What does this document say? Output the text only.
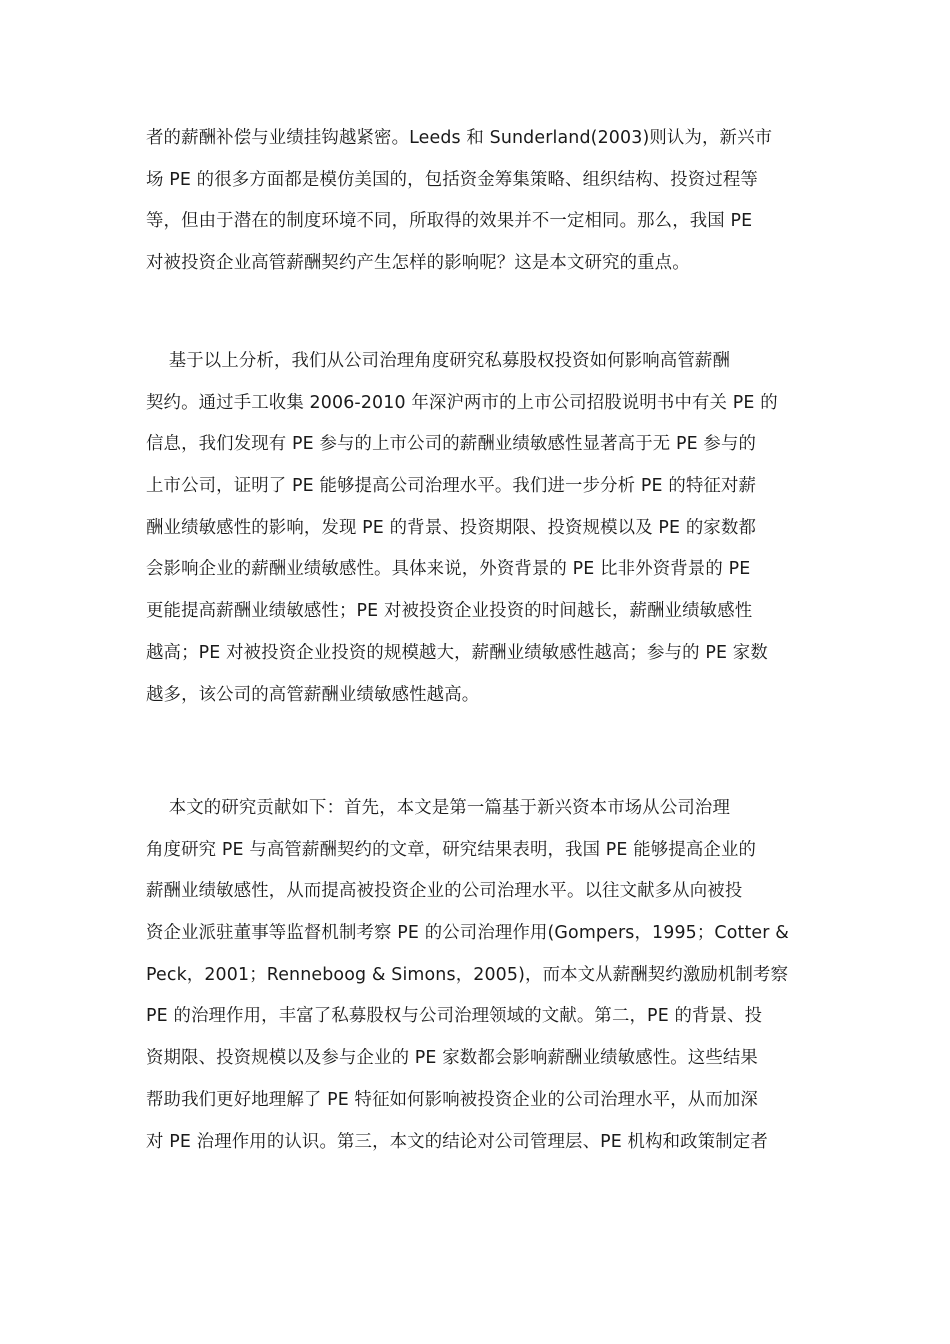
者的薪酬补偿与业绩挂钩越紧密。Leeds 和 Sunderland(2003)则认为，新兴市
场 PE 的很多方面都是模仿美国的，包括资金筹集策略、组织结构、投资过程等
等，但由于潜在的制度环境不同，所取得的效果并不一定相同。那么，我国 PE
对被投资企业高管薪酬契约产生怎样的影响呢？这是本文研究的重点。
基于以上分析，我们从公司治理角度研究私募股权投资如何影响高管薪酬
契约。通过手工收集 2006-2010 年深沪两市的上市公司招股说明书中有关 PE 的
信息，我们发现有 PE 参与的上市公司的薪酬业绩敏感性显著高于无 PE 参与的
上市公司，证明了 PE 能够提高公司治理水平。我们进一步分析 PE 的特征对薪
酬业绩敏感性的影响，发现 PE 的背景、投资期限、投资规模以及 PE 的家数都
会影响企业的薪酬业绩敏感性。具体来说，外资背景的 PE 比非外资背景的 PE
更能提高薪酬业绩敏感性；PE 对被投资企业投资的时间越长，薪酬业绩敏感性
越高；PE 对被投资企业投资的规模越大，薪酬业绩敏感性越高；参与的 PE 家数
越多，该公司的高管薪酬业绩敏感性越高。
本文的研究贡献如下：首先，本文是第一篇基于新兴资本市场从公司治理
角度研究 PE 与高管薪酬契约的文章，研究结果表明，我国 PE 能够提高企业的
薪酬业绩敏感性，从而提高被投资企业的公司治理水平。以往文献多从向被投
资企业派驻董事等监督机制考察 PE 的公司治理作用(Gompers，1995；Cotter &
Peck，2001；Renneboog & Simons，2005)，而本文从薪酬契约激励机制考察
PE 的治理作用，丰富了私募股权与公司治理领域的文献。第二，PE 的背景、投
资期限、投资规模以及参与企业的 PE 家数都会影响薪酬业绩敏感性。这些结果
帮助我们更好地理解了 PE 特征如何影响被投资企业的公司治理水平，从而加深
对 PE 治理作用的认识。第三，本文的结论对公司管理层、PE 机构和政策制定者
